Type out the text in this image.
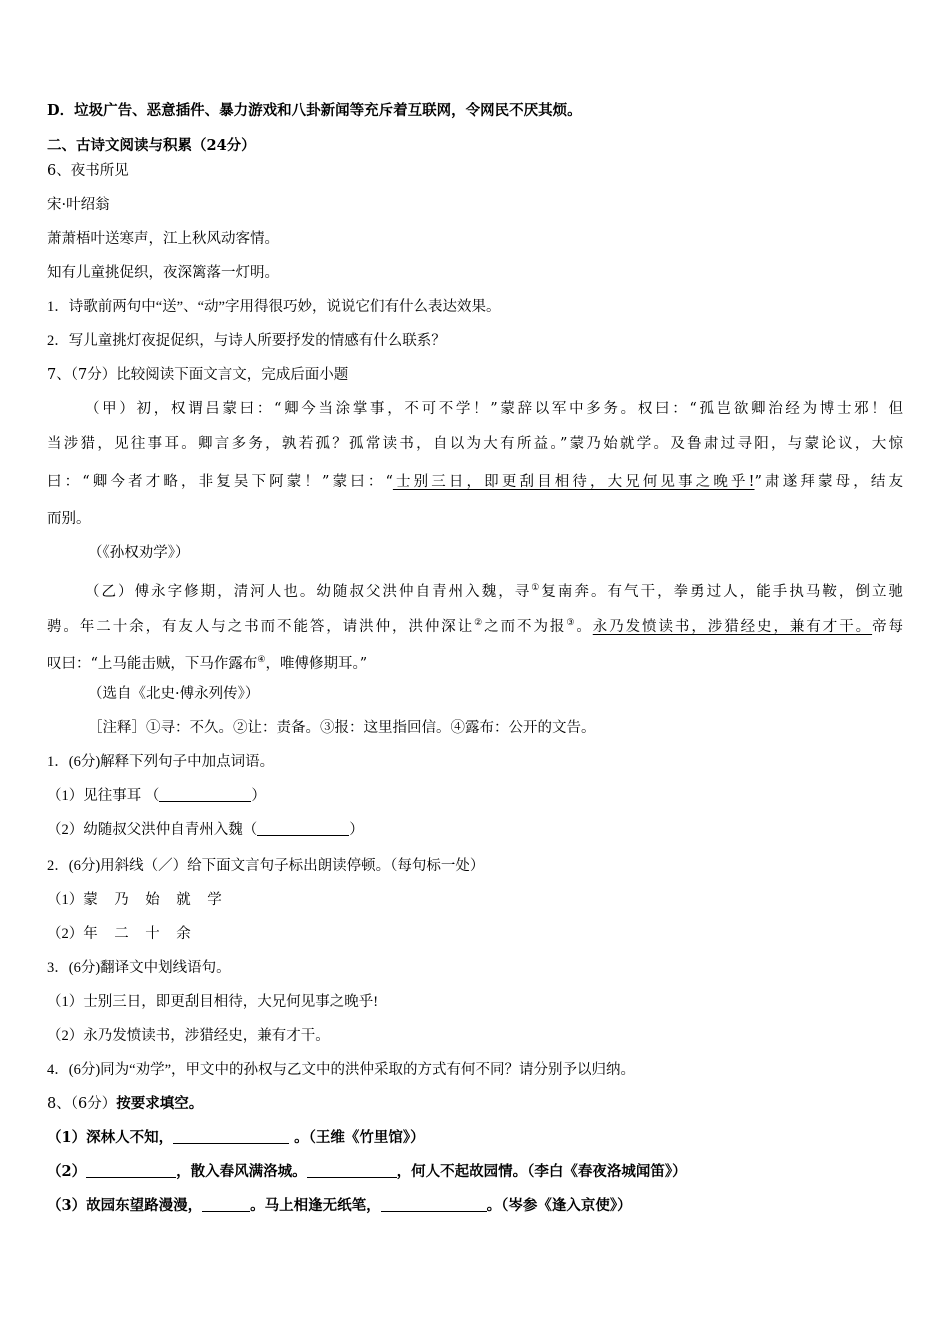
D．垃圾广告、恶意插件、暴力游戏和八卦新闻等充斥着互联网，令网民不厌其烦。
二、古诗文阅读与积累（24分）
6、夜书所见
宋·叶绍翁
萧萧梧叶送寒声，江上秋风动客情。
知有儿童挑促织，夜深篱落一灯明。
1．诗歌前两句中“送”、“动”字用得很巧妙，说说它们有什么表达效果。
2．写儿童挑灯夜捉促织，与诗人所要抒发的情感有什么联系？
7、（7分）比较阅读下面文言文，完成后面小题
（甲）初，权谓吕蒙曰：“卿今当涂掌事，不可不学！”蒙辞以军中多务。权曰：“孤岂欲卿治经为博士邪！但
当涉猎，见往事耳。卿言多务，孰若孤？孤常读书，自以为大有所益。”蒙乃始就学。及鲁肃过寻阳，与蒙论议，大惊
曰：“卿今者才略，非复吴下阿蒙！”蒙曰：“士别三日，即更刮目相待，大兄何见事之晚乎!”肃遂拜蒙母，结友
而别。
（《孙权劝学》）
（乙）傅永字修期，清河人也。幼随叔父洪仲自青州入魏，寻①复南奔。有气干，拳勇过人，能手执马鞍，倒立驰
骋。年二十余，有友人与之书而不能答，请洪仲，洪仲深让②之而不为报③。永乃发愤读书，涉猎经史，兼有才干。帝每
叹曰：“上马能击贼，下马作露布④，唯傅修期耳。”
（选自《北史·傅永列传》）
［注释］①寻：不久。②让：责备。③报：这里指回信。④露布：公开的文告。
1．(6分)解释下列句子中加点词语。
（1）见往事耳 （	）
（2）幼随叔父洪仲自青州入魏（	）
2．(6分)用斜线（／）给下面文言句子标出朗读停顿。（每句标一处）
（1）蒙 乃 始 就 学
（2）年 二 十 余
3．(6分)翻译文中划线语句。
（1）士别三日，即更刮目相待，大兄何见事之晚乎!
（2）永乃发愤读书，涉猎经史，兼有才干。
4．(6分)同为“劝学”，甲文中的孙权与乙文中的洪仲采取的方式有何不同？请分别予以归纳。
8、（6分）按要求填空。
（1）深林人不知，	。（王维《竹里馆》）
（2）	，散入春风满洛城。	，何人不起故园情。（李白《春夜洛城闻笛》）
（3）故园东望路漫漫，	。马上相逢无纸笔，	。（岑参《逢入京使》）
